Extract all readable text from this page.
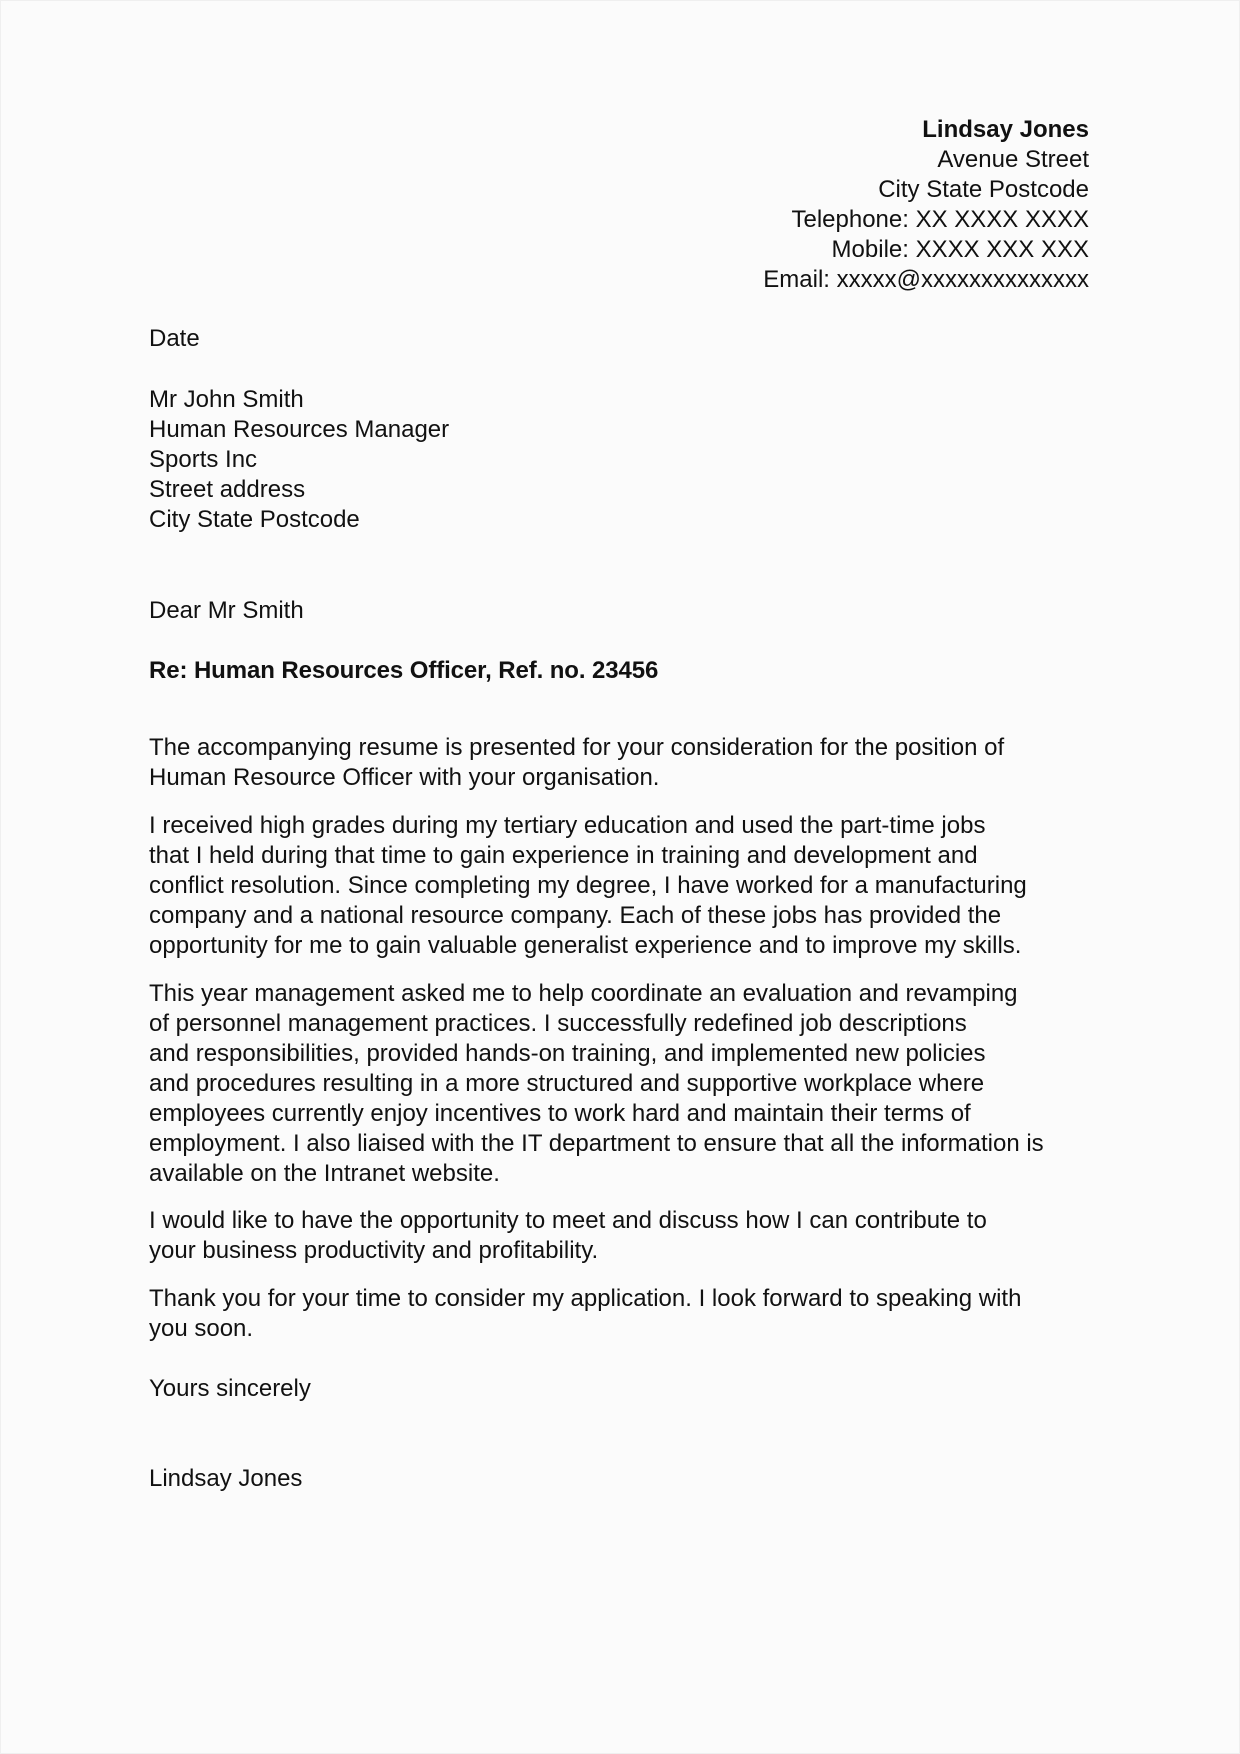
Lindsay Jones
Avenue Street
City State Postcode
Telephone: XX XXXX XXXX
Mobile: XXXX XXX XXX
Email: xxxxx@xxxxxxxxxxxxxx
Date
Mr John Smith
Human Resources Manager
Sports Inc
Street address
City State Postcode
Dear Mr Smith
Re: Human Resources Officer, Ref. no. 23456
The accompanying resume is presented for your consideration for the position of
Human Resource Officer with your organisation.
I received high grades during my tertiary education and used the part-time jobs
that I held during that time to gain experience in training and development and
conflict resolution. Since completing my degree, I have worked for a manufacturing
company and a national resource company. Each of these jobs has provided the
opportunity for me to gain valuable generalist experience and to improve my skills.
This year management asked me to help coordinate an evaluation and revamping
of personnel management practices. I successfully redefined job descriptions
and responsibilities, provided hands-on training, and implemented new policies
and procedures resulting in a more structured and supportive workplace where
employees currently enjoy incentives to work hard and maintain their terms of
employment. I also liaised with the IT department to ensure that all the information is
available on the Intranet website.
I would like to have the opportunity to meet and discuss how I can contribute to
your business productivity and profitability.
Thank you for your time to consider my application. I look forward to speaking with
you soon.
Yours sincerely
Lindsay Jones
